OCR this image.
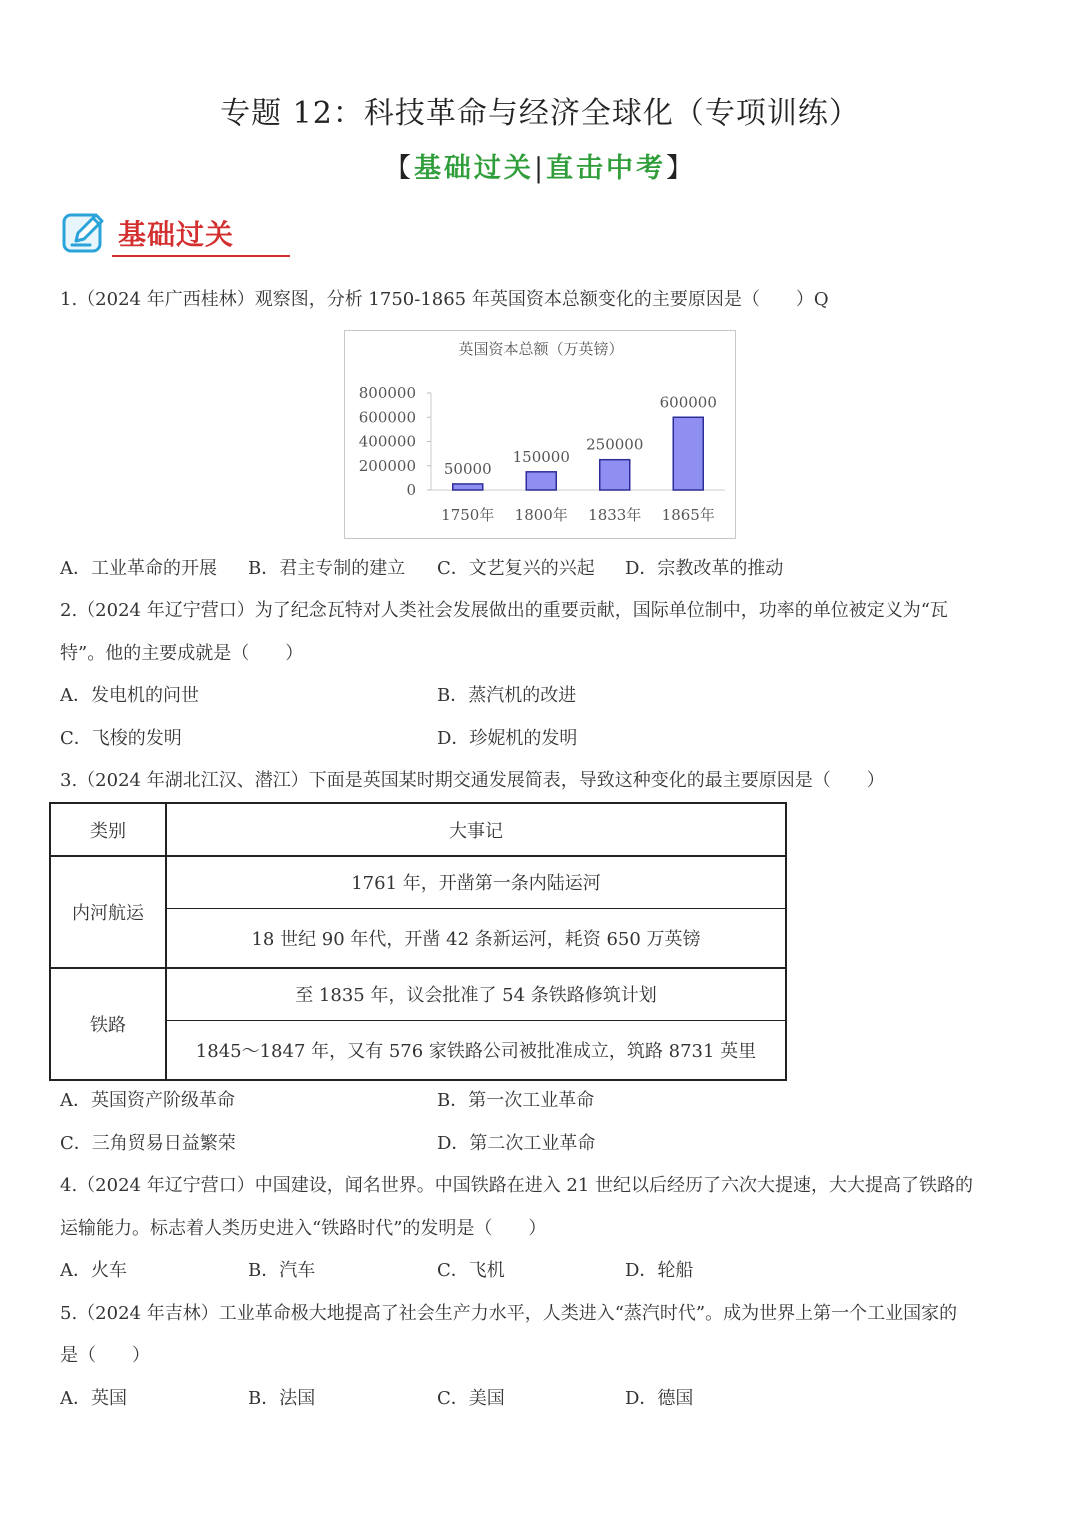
专题 12：科技革命与经济全球化（专项训练）
【基础过关|直击中考】
基础过关
1.（2024 年广西桂林）观察图，分析 1750-1865 年英国资本总额变化的主要原因是（　　）Q
英国资本总额（万英镑）
800000
600000
400000
200000
0
50000
1750年
150000
1800年
250000
1833年
600000
1865年
A．工业革命的开展 B．君主专制的建立 C．文艺复兴的兴起 D．宗教改革的推动
2.（2024 年辽宁营口）为了纪念瓦特对人类社会发展做出的重要贡献，国际单位制中，功率的单位被定义为“瓦
特”。他的主要成就是（　　）
A．发电机的问世	B．蒸汽机的改进
C．飞梭的发明	D．珍妮机的发明
3.（2024 年湖北江汉、潜江）下面是英国某时期交通发展简表，导致这种变化的最主要原因是（　　）
类别	大事记
内河航运	1761 年，开凿第一条内陆运河
	18 世纪 90 年代，开凿 42 条新运河，耗资 650 万英镑
铁路	至 1835 年，议会批准了 54 条铁路修筑计划
	1845～1847 年，又有 576 家铁路公司被批准成立，筑路 8731 英里
A．英国资产阶级革命	B．第一次工业革命
C．三角贸易日益繁荣	D．第二次工业革命
4.（2024 年辽宁营口）中国建设，闻名世界。中国铁路在进入 21 世纪以后经历了六次大提速，大大提高了铁路的
运输能力。标志着人类历史进入“铁路时代”的发明是（　　）
A．火车	B．汽车	C．飞机	D．轮船
5.（2024 年吉林）工业革命极大地提高了社会生产力水平，人类进入“蒸汽时代”。成为世界上第一个工业国家的
是（　　）
A．英国	B．法国	C．美国	D．德国
